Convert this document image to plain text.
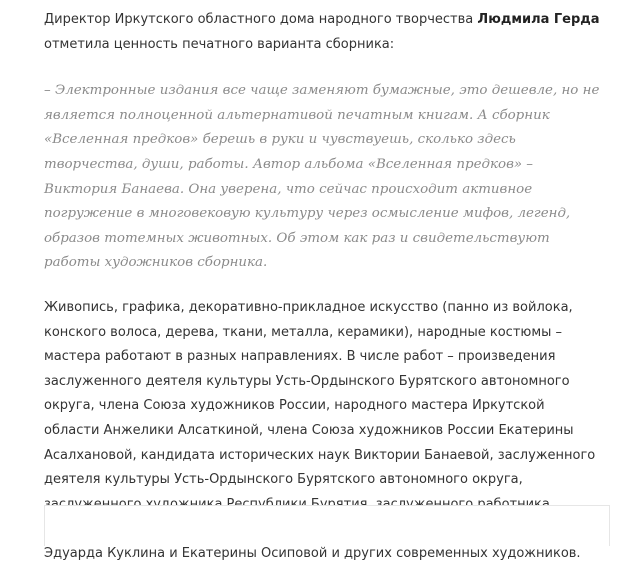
Директор Иркутского областного дома народного творчества Людмила Герда отметила ценность печатного варианта сборника:

– Электронные издания все чаще заменяют бумажные, это дешевле, но не является полноценной альтернативой печатным книгам. А сборник «Вселенная предков» берешь в руки и чувствуешь, сколько здесь творчества, души, работы. Автор альбома «Вселенная предков» – Виктория Банаева. Она уверена, что сейчас происходит активное погружение в многовековую культуру через осмысление мифов, легенд, образов тотемных животных. Об этом как раз и свидетельствуют работы художников сборника.

Живопись, графика, декоративно-прикладное искусство (панно из войлока, конского волоса, дерева, ткани, металла, керамики), народные костюмы – мастера работают в разных направлениях. В числе работ – произведения заслуженного деятеля культуры Усть-Ордынского Бурятского автономного округа, члена Союза художников России, народного мастера Иркутской области Анжелики Алсаткиной, члена Союза художников России Екатерины Асалхановой, кандидата исторических наук Виктории Банаевой, заслуженного деятеля культуры Усть-Ордынского Бурятского автономного округа, Эдуарда Куклина и Екатерины Осиповой и других современных художников.
